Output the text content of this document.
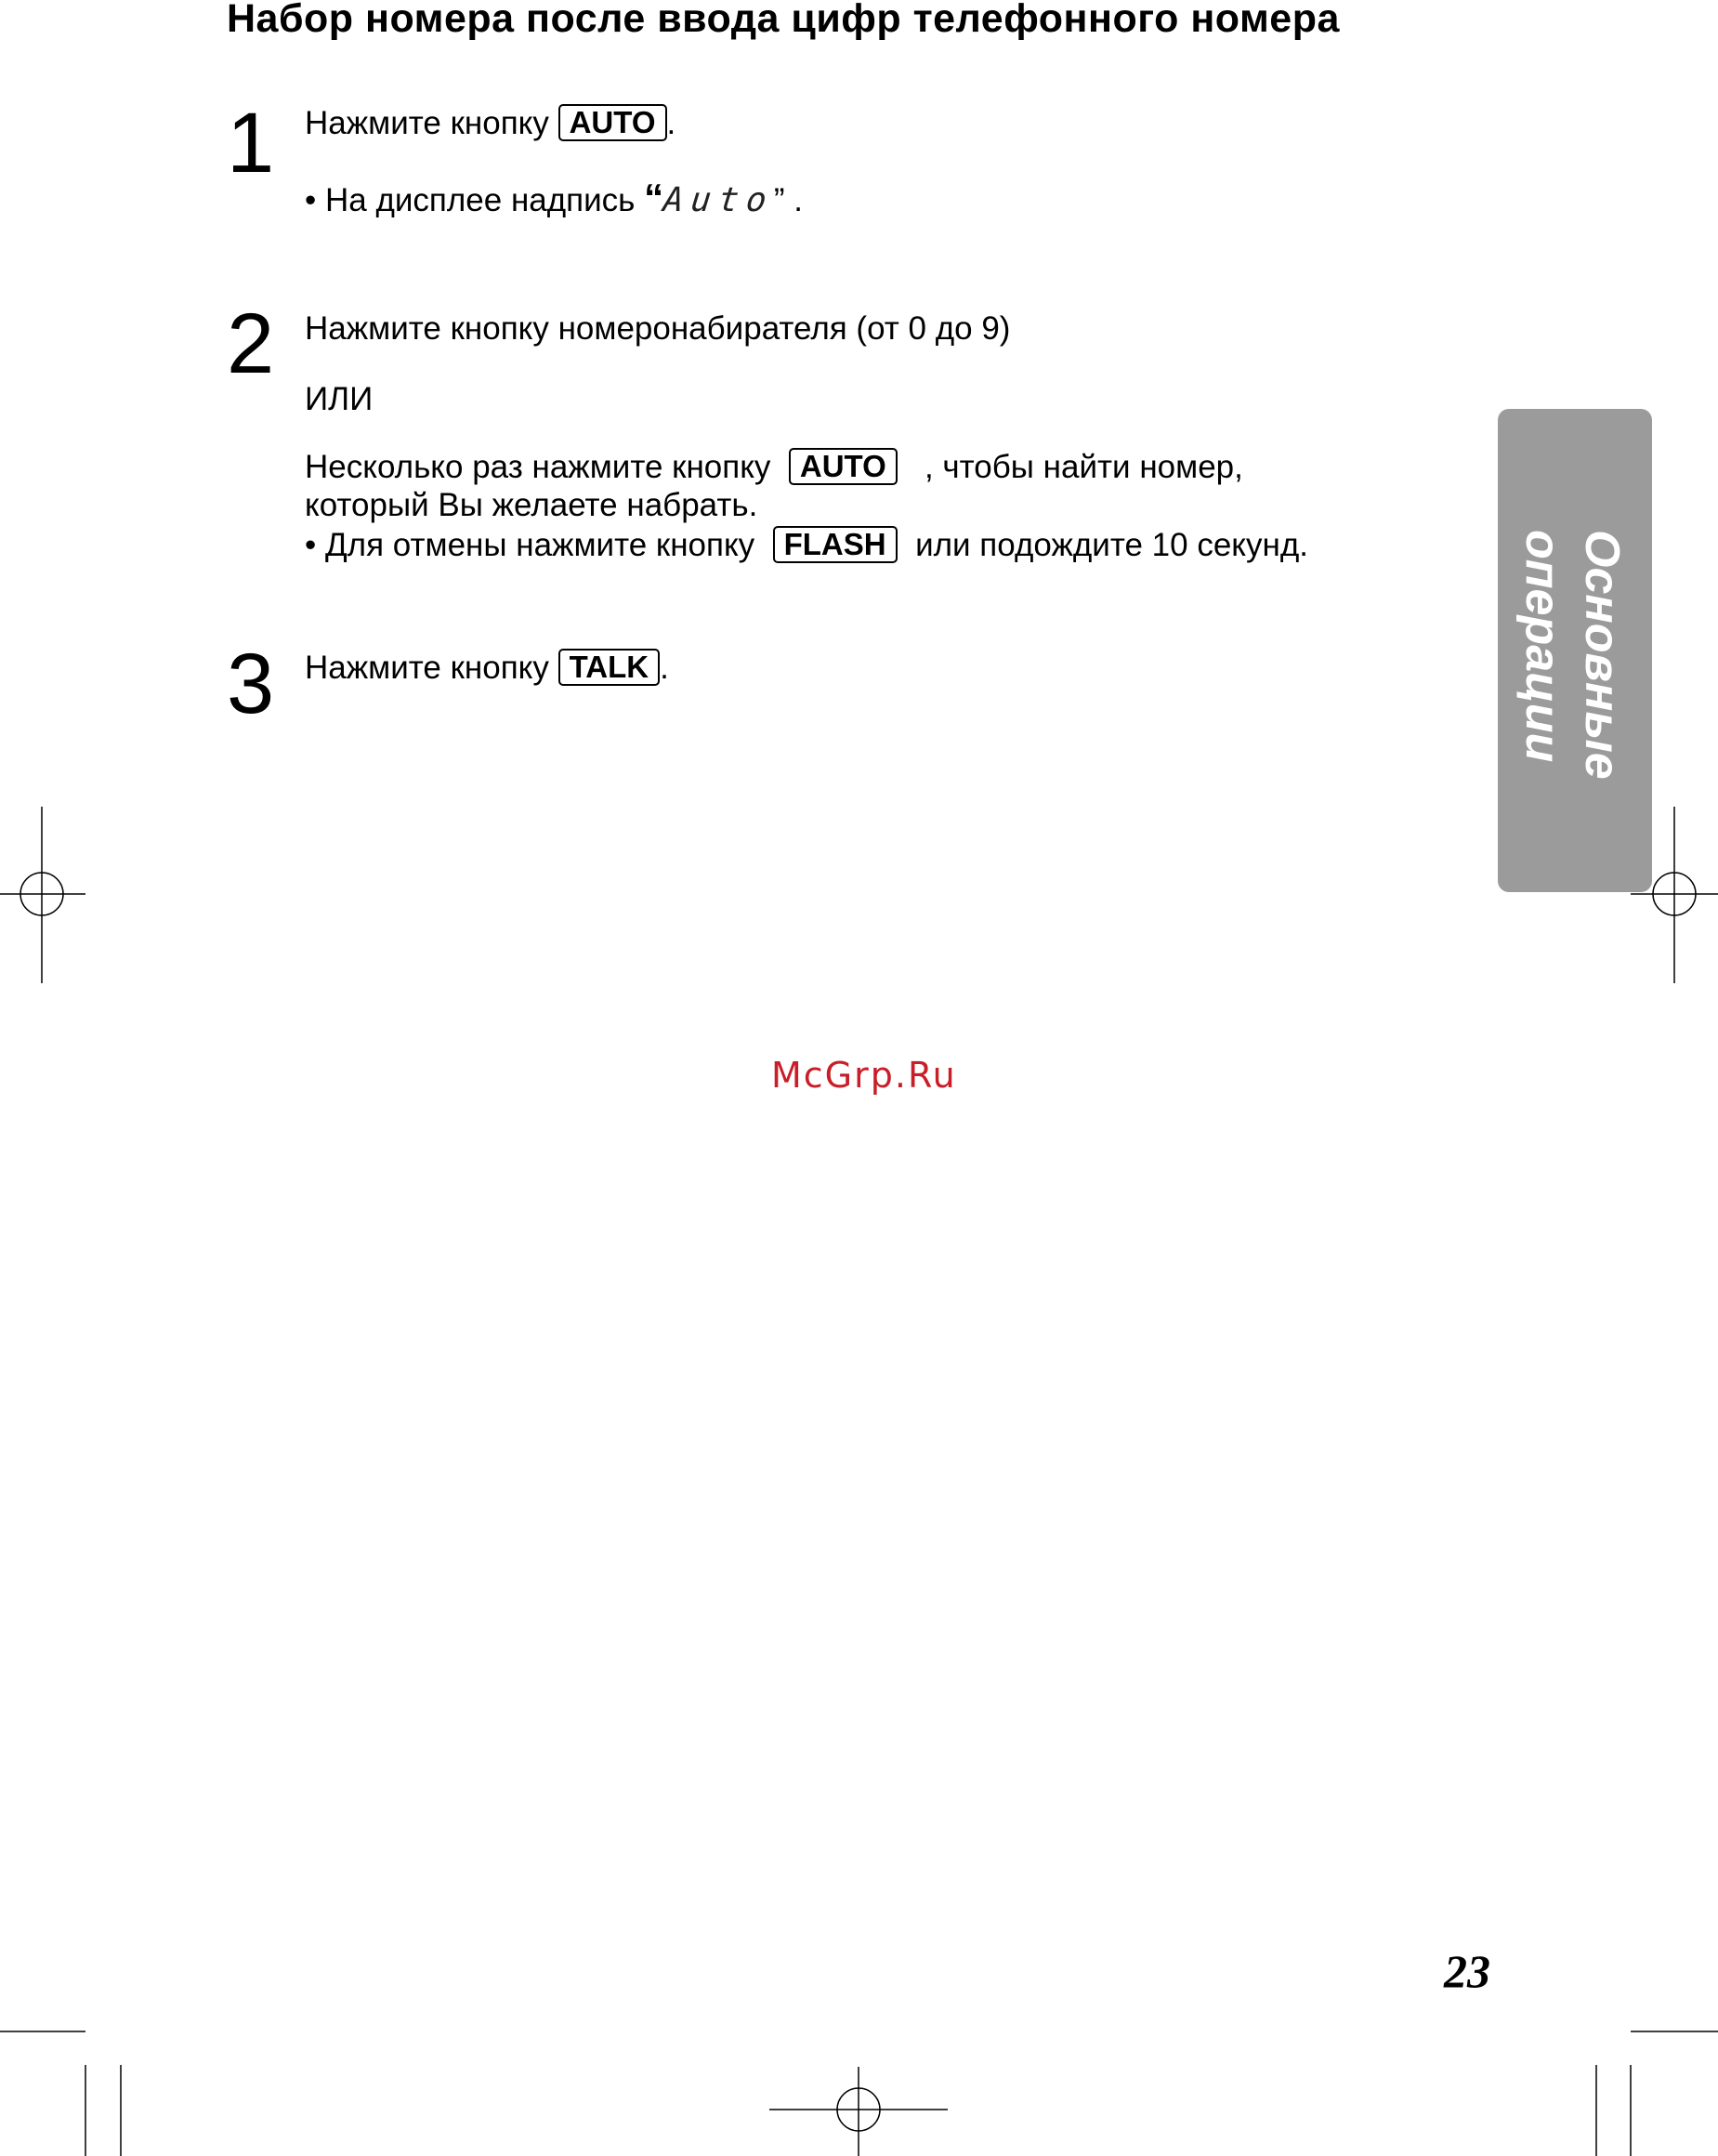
Набор номера после ввода цифр телефонного номера
1 Нажмите кнопку AUTO .
• На дисплее надпись “Auto” .
2 Нажмите кнопку номеронабирателя (от 0 до 9)
ИЛИ
Несколько раз нажмите кнопку AUTO , чтобы найти номер,
который Вы желаете набрать.
• Для отмены нажмите кнопку FLASH или подождите 10 секунд.
3 Нажмите кнопку TALK .	Основные
операции
McGrp.Ru
23
